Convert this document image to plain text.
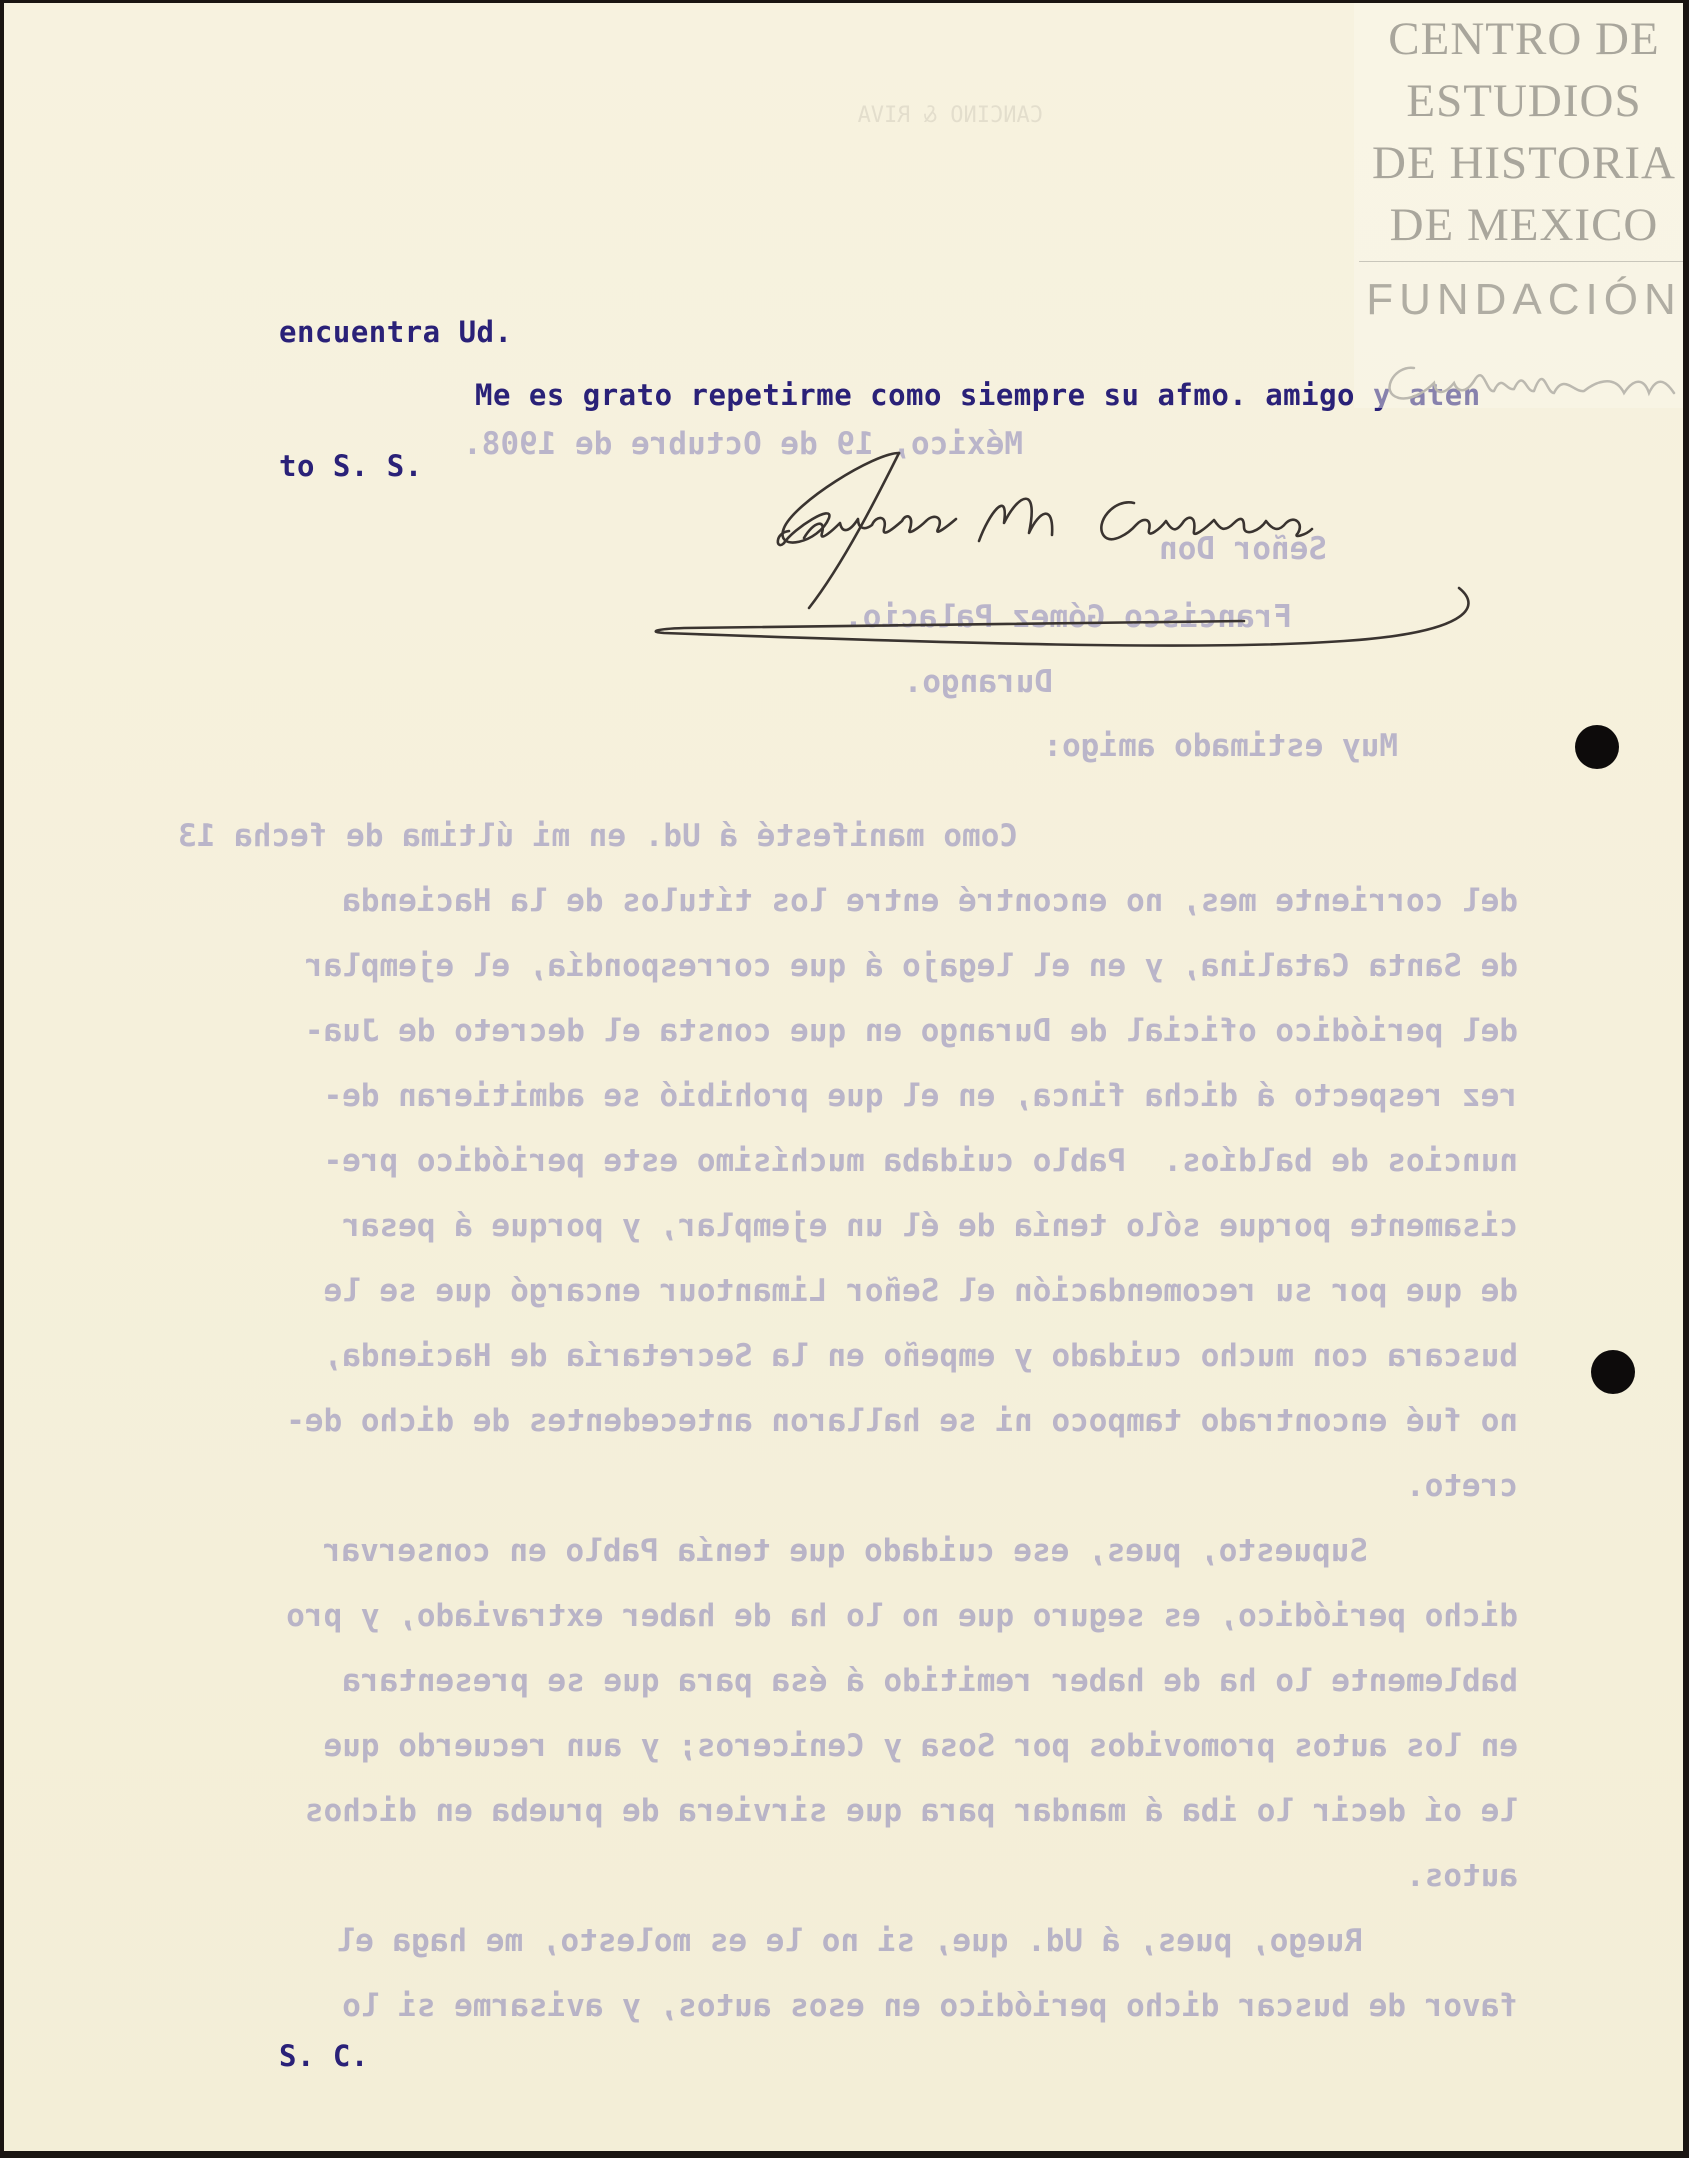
CANCINO & RIVA
México, 19 de Octubre de 1908.
Señor Don
Francisco Gómez Palacio.
Durango.
Muy estimado amigo:
Como manifesté á Ud. en mi última de fecha 13
del corriente mes, no encontré entre los títulos de la Hacienda
de Santa Catalina, y en el legajo á que correspondía, el ejemplar
del periódico oficial de Durango en que consta el decreto de Jua-
rez respecto á dicha finca, en el que prohibió se admitieran de-
nuncios de baldíos.  Pablo cuidaba muchísimo este periódico pre-
cisamente porque sólo tenía de él un ejemplar, y porque á pesar
de que por su recomendación el Señor Limantour encargó que se le
buscara con mucho cuidado y empeño en la Secretaría de Hacienda,
no fué encontrado tampoco ni se hallaron antecedentes de dicho de-
creto.
Supuesto, pues, ese cuidado que tenía Pablo en conservar
dicho periódico, es seguro que no lo ha de haber extraviado, y pro
bablemente lo ha de haber remitido á ésa para que se presentara
en los autos promovidos por Sosa y Ceniceros; y aun recuerdo que
le oí decir lo iba á mandar para que sirviera de prueba en dichos
autos.
Ruego, pues, á Ud. que, si no le es molesto, me haga el
favor de buscar dicho periódico en esos autos, y avisarme si lo
encuentra Ud.
Me es grato repetirme como siempre su afmo. amigo y aten
to S. S.
S. C.
CENTRO DE
ESTUDIOS
DE HISTORIA
DE MEXICO
FUNDACIÓN
